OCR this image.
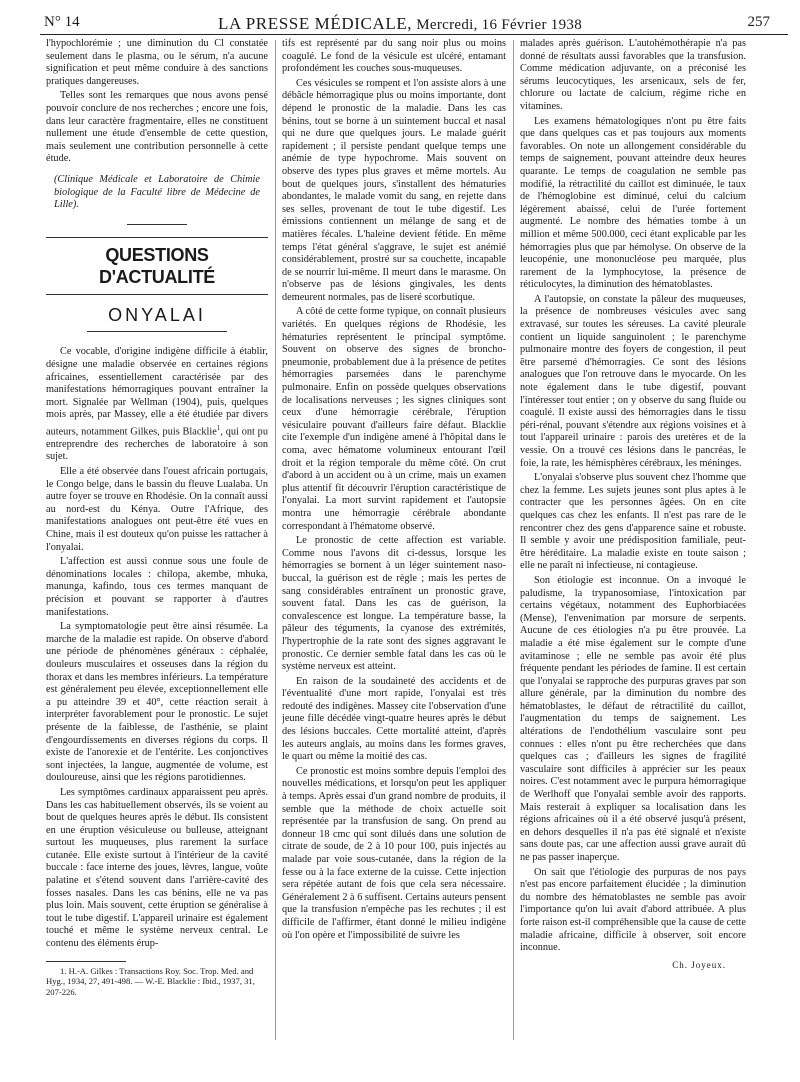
N° 14	LA PRESSE MÉDICALE, Mercredi, 16 Février 1938	257

l'hypochlorémie ; une diminution du Cl constatée seulement dans le plasma, ou le sérum, n'a aucune signification et peut même conduire à des sanctions pratiques dangereuses.

Telles sont les remarques que nous avons pensé pouvoir conclure de nos recherches ; encore une fois, dans leur caractère fragmentaire, elles ne constituent nullement une étude d'ensemble de cette question, mais seulement une contribution personnelle à cette étude.

(Clinique Médicale et Laboratoire de Chimie biologique de la Faculté libre de Médecine de Lille).

QUESTIONS D'ACTUALITÉ
ONYALAI

Ce vocable, d'origine indigène difficile à établir, désigne une maladie observée en certaines régions africaines, essentiellement caractérisée par des manifestations hémorragiques pouvant entraîner la mort. Signalée par Wellman (1904), puis, quelques mois après, par Massey, elle a été étudiée par divers auteurs, notamment Gilkes, puis Blacklie$^1$, qui ont pu entreprendre des recherches de laboratoire à son sujet.

Elle a été observée dans l'ouest africain portugais, le Congo belge, dans le bassin du fleuve Lualaba. Un autre foyer se trouve en Rhodésie. On la connaît aussi au nord-est du Kénya. Outre l'Afrique, des manifestations analogues ont peut-être été vues en Chine, mais il est douteux qu'on puisse les rattacher à l'onyalai.

L'affection est aussi connue sous une foule de dénominations locales : chilopa, akembe, mhuka, manunga, kafindo, tous ces termes manquant de précision et pouvant se rapporter à d'autres manifestations.

La symptomatologie peut être ainsi résumée. La marche de la maladie est rapide. On observe d'abord une période de phénomènes généraux : céphalée, douleurs musculaires et osseuses dans la région du thorax et dans les membres inférieurs. La température est généralement peu élevée, exceptionnellement elle a pu atteindre 39 et 40°, cette réaction serait à interpréter favorablement pour le pronostic. Le sujet présente de la faiblesse, de l'asthénie, se plaint d'engourdissements en diverses régions du corps. Il existe de l'anorexie et de l'entérite. Les conjonctives sont injectées, la langue, augmentée de volume, est douloureuse, ainsi que les régions parotidiennes.

Les symptômes cardinaux apparaissent peu après. Dans les cas habituellement observés, ils se voient au bout de quelques heures après le début. Ils consistent en une éruption vésiculeuse ou bulleuse, atteignant surtout les muqueuses, plus rarement la surface cutanée. Elle existe surtout à l'intérieur de la cavité buccale : face interne des joues, lèvres, langue, voûte palatine et s'étend souvent dans l'arrière-cavité des fosses nasales. Dans les cas bénins, elle ne va pas plus loin. Mais souvent, cette éruption se généralise à tout le tube digestif. L'appareil urinaire est également touché et même le système nerveux central. Le contenu des éléments érup-

1. H.-A. Gilkes : Transactions Roy. Soc. Trop. Med. and Hyg., 1934, 27, 491-498. — W.-E. Blacklie : Ibid., 1937, 31, 207-226.

tifs est représenté par du sang noir plus ou moins coagulé. Le fond de la vésicule est ulcéré, entamant profondément les couches sous-muqueuses.

Ces vésicules se rompent et l'on assiste alors à une débâcle hémorragique plus ou moins importante, dont dépend le pronostic de la maladie. Dans les cas bénins, tout se borne à un suintement buccal et nasal qui ne dure que quelques jours. Le malade guérit rapidement ; il persiste pendant quelque temps une anémie de type hypochrome. Mais souvent on observe des types plus graves et même mortels. Au bout de quelques jours, s'installent des hématuries abondantes, le malade vomit du sang, en rejette dans ses selles, provenant de tout le tube digestif. Les émissions contiennent un mélange de sang et de matières fécales. L'haleine devient fétide. En même temps l'état général s'aggrave, le sujet est anémié considérablement, prostré sur sa couchette, incapable de se nourrir lui-même. Il meurt dans le marasme. On n'observe pas de lésions gingivales, les dents demeurent normales, pas de liseré scorbutique.

A côté de cette forme typique, on connaît plusieurs variétés. En quelques régions de Rhodésie, les hématuries représentent le principal symptôme. Souvent on observe des signes de broncho-pneumonie, probablement due à la présence de petites hémorragies parsemées dans le parenchyme pulmonaire. Enfin on possède quelques observations de localisations nerveuses ; les signes cliniques sont ceux d'une hémorragie cérébrale, l'éruption vésiculaire pouvant d'ailleurs faire défaut. Blacklie cite l'exemple d'un indigène amené à l'hôpital dans le coma, avec hématome volumineux entourant l'œil droit et la région temporale du même côté. On crut d'abord à un accident ou à un crime, mais un examen plus attentif fit découvrir l'éruption caractéristique de l'onyalai. La mort survint rapidement et l'autopsie montra une hémorragie cérébrale abondante correspondant à l'hématome observé.

Le pronostic de cette affection est variable. Comme nous l'avons dit ci-dessus, lorsque les hémorragies se bornent à un léger suintement naso-buccal, la guérison est de règle ; mais les pertes de sang considérables entraînent un pronostic grave, souvent fatal. Dans les cas de guérison, la convalescence est longue. La température basse, la pâleur des téguments, la cyanose des extrémités, l'hypertrophie de la rate sont des signes aggravant le pronostic. Ce dernier semble fatal dans les cas où le système nerveux est atteint.

En raison de la soudaineté des accidents et de l'éventualité d'une mort rapide, l'onyalai est très redouté des indigènes. Massey cite l'observation d'une jeune fille décédée vingt-quatre heures après le début des lésions buccales. Cette mortalité atteint, d'après les auteurs anglais, au moins dans les formes graves, le quart ou même la moitié des cas.

Ce pronostic est moins sombre depuis l'emploi des nouvelles médications, et lorsqu'on peut les appliquer à temps. Après essai d'un grand nombre de produits, il semble que la méthode de choix actuelle soit représentée par la transfusion de sang. On prend au donneur 18 cmc qui sont dilués dans une solution de citrate de soude, de 2 à 10 pour 100, puis injectés au malade par voie sous-cutanée, dans la région de la fesse ou à la face externe de la cuisse. Cette injection sera répétée autant de fois que cela sera nécessaire. Généralement 2 à 6 suffisent. Certains auteurs pensent que la transfusion n'empêche pas les rechutes ; il est difficile de l'affirmer, étant donné le milieu indigène où l'on opère et l'impossibilité de suivre les

malades après guérison. L'autohémothérapie n'a pas donné de résultats aussi favorables que la transfusion. Comme médication adjuvante, on a préconisé les sérums leucocytiques, les arsenicaux, sels de fer, chlorure ou lactate de calcium, régime riche en vitamines.

Les examens hématologiques n'ont pu être faits que dans quelques cas et pas toujours aux moments favorables. On note un allongement considérable du temps de saignement, pouvant atteindre deux heures quarante. Le temps de coagulation ne semble pas modifié, la rétractilité du caillot est diminuée, le taux de l'hémoglobine est diminué, celui du calcium légèrement abaissé, celui de l'urée fortement augmenté. Le nombre des hématies tombe à un million et même 500.000, ceci étant explicable par les hémorragies plus que par hémolyse. On observe de la leucopénie, une mononucléose peu marquée, plus rarement de la lymphocytose, la présence de réticulocytes, la diminution des hématoblastes.

A l'autopsie, on constate la pâleur des muqueuses, la présence de nombreuses vésicules avec sang extravasé, sur toutes les séreuses. La cavité pleurale contient un liquide sanguinolent ; le parenchyme pulmonaire montre des foyers de congestion, il peut être parsemé d'hémorragies. Ce sont des lésions analogues que l'on retrouve dans le myocarde. On les note également dans le tube digestif, pouvant l'intéresser tout entier ; on y observe du sang fluide ou coagulé. Il existe aussi des hémorragies dans le tissu péri-rénal, pouvant s'étendre aux régions voisines et à tout l'appareil urinaire : parois des uretères et de la vessie. On a trouvé ces lésions dans le pancréas, le foie, la rate, les hémisphères cérébraux, les méninges.

L'onyalai s'observe plus souvent chez l'homme que chez la femme. Les sujets jeunes sont plus aptes à le contracter que les personnes âgées. On en cite quelques cas chez les enfants. Il n'est pas rare de le rencontrer chez des gens d'apparence saine et robuste. Il semble y avoir une prédisposition familiale, peut-être héréditaire. La maladie existe en toute saison ; elle ne paraît ni infectieuse, ni contagieuse.

Son étiologie est inconnue. On a invoqué le paludisme, la trypanosomiase, l'intoxication par certains végétaux, notamment des Euphorbiacées (Mense), l'envenimation par morsure de serpents. Aucune de ces étiologies n'a pu être prouvée. La maladie a été mise également sur le compte d'une avitaminose ; elle ne semble pas avoir été plus fréquente pendant les périodes de famine. Il est certain que l'onyalai se rapproche des purpuras graves par son allure générale, par la diminution du nombre des hématoblastes, le défaut de rétractilité du caillot, l'augmentation du temps de saignement. Les altérations de l'endothélium vasculaire sont peu connues : elles n'ont pu être recherchées que dans quelques cas ; d'ailleurs les signes de fragilité vasculaire sont difficiles à apprécier sur les peaux noires. C'est notamment avec le purpura hémorragique de Werlhoff que l'onyalai semble avoir des rapports. Mais resterait à expliquer sa localisation dans les régions africaines où il a été observé jusqu'à présent, en dehors desquelles il n'a pas été signalé et n'existe sans doute pas, car une affection aussi grave aurait dû ne pas passer inaperçue.

On sait que l'étiologie des purpuras de nos pays n'est pas encore parfaitement élucidée ; la diminution du nombre des hématoblastes ne semble pas avoir l'importance qu'on lui avait d'abord attribuée. A plus forte raison est-il compréhensible que la cause de cette maladie africaine, difficile à observer, soit encore inconnue.

Ch. Joyeux.
